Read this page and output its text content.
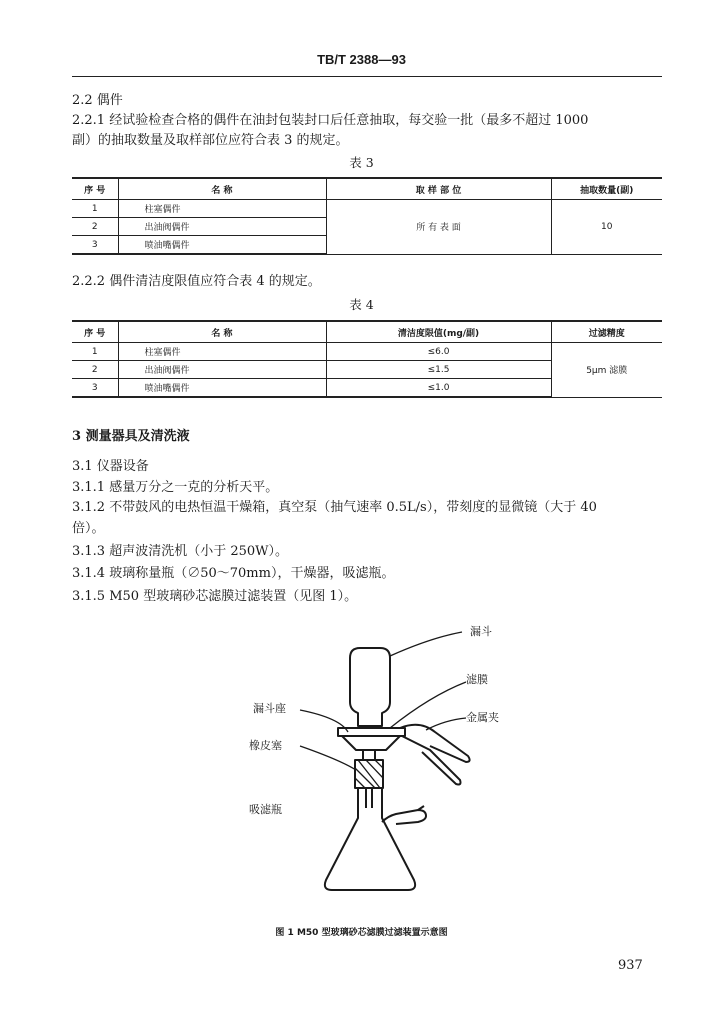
TB/T 2388—93
2.2 偶件
2.2.1 经试验检查合格的偶件在油封包装封口后任意抽取，每交验一批（最多不超过 1000
副）的抽取数量及取样部位应符合表 3 的规定。
表 3
序 号	名 称	取 样 部 位	抽取数量(副)
1	柱塞偶件	所 有 表 面	10
2	出油阀偶件		
3	喷油嘴偶件		
2.2.2 偶件清洁度限值应符合表 4 的规定。
表 4
序 号	名 称	清洁度限值(mg/副)	过滤精度
1	柱塞偶件	≤6.0	5μm 滤膜
2	出油阀偶件	≤1.5	
3	喷油嘴偶件	≤1.0	
3 测量器具及清洗液
3.1 仪器设备
3.1.1 感量万分之一克的分析天平。
3.1.2 不带鼓风的电热恒温干燥箱，真空泵（抽气速率 0.5L/s），带刻度的显微镜（大于 40
倍）。
3.1.3 超声波清洗机（小于 250W）。
3.1.4 玻璃称量瓶（∅50～70mm），干燥器，吸滤瓶。
3.1.5 M50 型玻璃砂芯滤膜过滤装置（见图 1）。
漏斗
滤膜
金属夹
漏斗座
橡皮塞
吸滤瓶
图 1 M50 型玻璃砂芯滤膜过滤装置示意图
937
